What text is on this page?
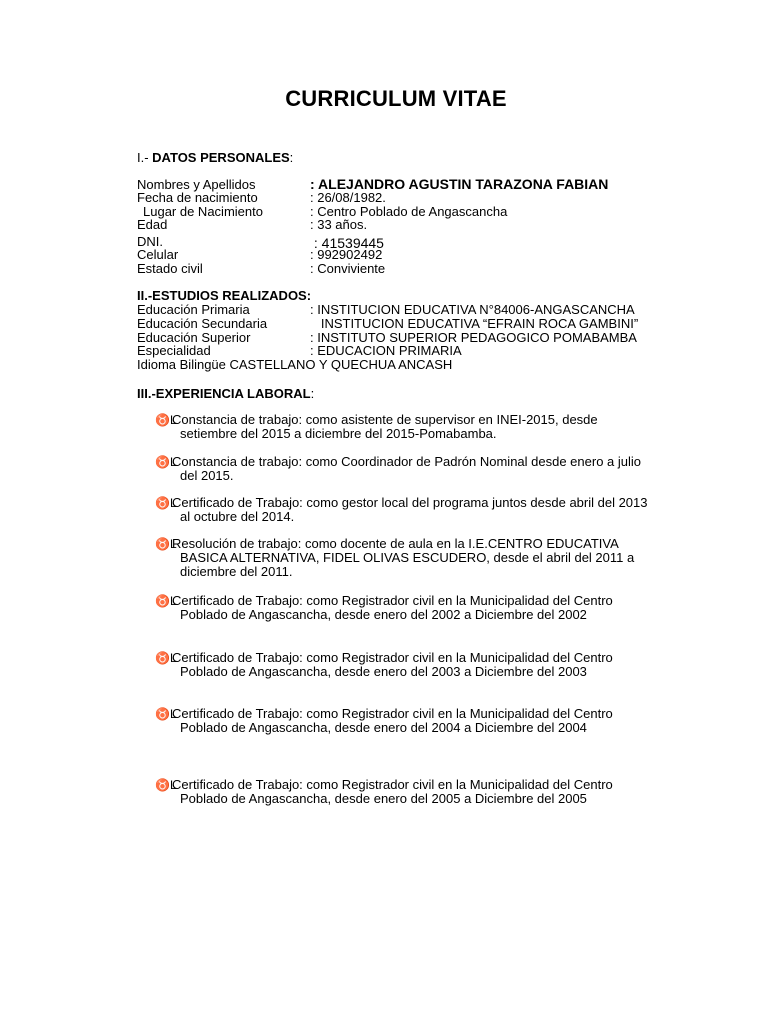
CURRICULUM VITAE
I.- DATOS PERSONALES:
Nombres y Apellidos	: ALEJANDRO AGUSTIN TARAZONA FABIAN
Fecha de nacimiento	: 26/08/1982.
Lugar de Nacimiento	: Centro Poblado de Angascancha
Edad	: 33 años.
DNI.	: 41539445
Celular	: 992902492
Estado civil	: Conviviente
II.-ESTUDIOS REALIZADOS:
Educación Primaria	: INSTITUCION EDUCATIVA N°84006-ANGASCANCHA
Educación Secundaria	INSTITUCION EDUCATIVA “EFRAIN ROCA GAMBINI”
Educación Superior	: INSTITUTO SUPERIOR PEDAGOGICO POMABAMBA
Especialidad	: EDUCACION PRIMARIA
Idioma Bilingüe CASTELLANO Y QUECHUA ANCASH
III.-EXPERIENCIA LABORAL:
♉LConstancia de trabajo: como asistente de supervisor en INEI-2015, desde
setiembre del 2015 a diciembre del 2015-Pomabamba.
♉LConstancia de trabajo: como Coordinador de Padrón Nominal desde enero a julio
del 2015.
♉LCertificado de Trabajo: como gestor local del programa juntos desde abril del 2013
al octubre del 2014.
♉LResolución de trabajo: como docente de aula en la I.E.CENTRO EDUCATIVA
BASICA ALTERNATIVA, FIDEL OLIVAS ESCUDERO, desde el abril del 2011 a
diciembre del 2011.
♉LCertificado de Trabajo: como Registrador civil en la Municipalidad del Centro
Poblado de Angascancha, desde enero del 2002 a Diciembre del 2002
♉LCertificado de Trabajo: como Registrador civil en la Municipalidad del Centro
Poblado de Angascancha, desde enero del 2003 a Diciembre del 2003
♉LCertificado de Trabajo: como Registrador civil en la Municipalidad del Centro
Poblado de Angascancha, desde enero del 2004 a Diciembre del 2004
♉LCertificado de Trabajo: como Registrador civil en la Municipalidad del Centro
Poblado de Angascancha, desde enero del 2005 a Diciembre del 2005
